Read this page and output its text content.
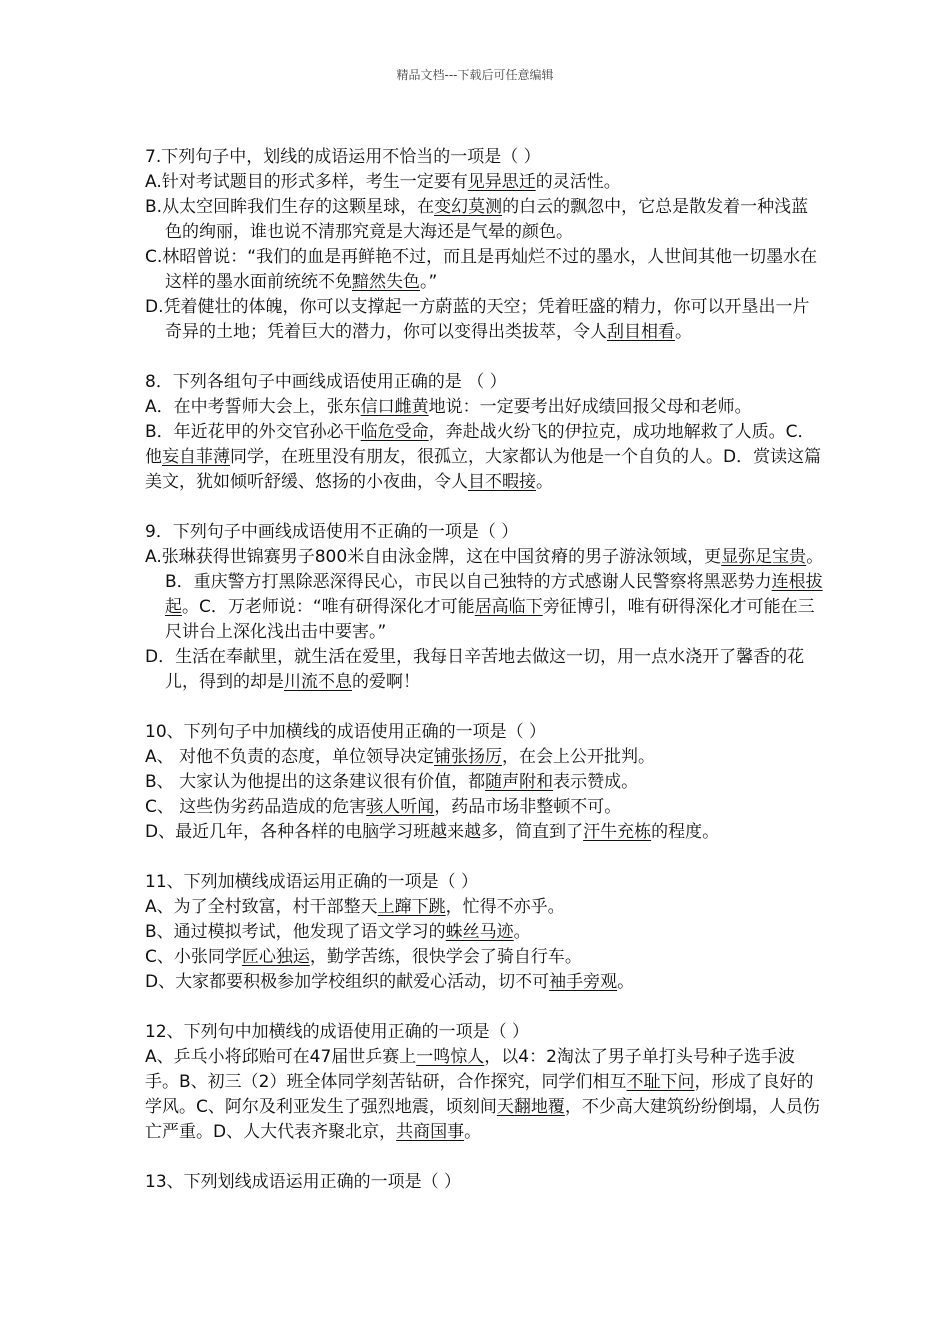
精品文档---下载后可任意编辑
7.下列句子中，划线的成语运用不恰当的一项是（ ）
A.针对考试题目的形式多样，考生一定要有见异思迁的灵活性。
B.从太空回眸我们生存的这颗星球，在变幻莫测的白云的飘忽中，它总是散发着一种浅蓝色的绚丽，谁也说不清那究竟是大海还是气晕的颜色。
C.林昭曾说：“我们的血是再鲜艳不过，而且是再灿烂不过的墨水，人世间其他一切墨水在这样的墨水面前统统不免黯然失色。”
D.凭着健壮的体魄，你可以支撑起一方蔚蓝的天空；凭着旺盛的精力，你可以开垦出一片奇异的土地；凭着巨大的潜力，你可以变得出类拔萃，令人刮目相看。
8．下列各组句子中画线成语使用正确的是 （ ）
A．在中考誓师大会上，张东信口雌黄地说：一定要考出好成绩回报父母和老师。
B．年近花甲的外交官孙必干临危受命，奔赴战火纷飞的伊拉克，成功地解救了人质。C．他妄自菲薄同学，在班里没有朋友，很孤立，大家都认为他是一个自负的人。D．赏读这篇美文，犹如倾听舒缓、悠扬的小夜曲，令人目不暇接。
9．下列句子中画线成语使用不正确的一项是（ ）
A.张琳获得世锦赛男子800米自由泳金牌，这在中国贫瘠的男子游泳领域，更显弥足宝贵。B．重庆警方打黑除恶深得民心，市民以自己独特的方式感谢人民警察将黑恶势力连根拔起。C．万老师说：“唯有研得深化才可能居高临下旁征博引，唯有研得深化才可能在三尺讲台上深化浅出击中要害。”
D．生活在奉献里，就生活在爱里，我每日辛苦地去做这一切，用一点水浇开了馨香的花儿，得到的却是川流不息的爱啊！
10、下列句子中加横线的成语使用正确的一项是（ ）
A、 对他不负责的态度，单位领导决定铺张扬厉，在会上公开批判。
B、 大家认为他提出的这条建议很有价值，都随声附和表示赞成。
C、 这些伪劣药品造成的危害骇人听闻，药品市场非整顿不可。
D、最近几年，各种各样的电脑学习班越来越多，简直到了汗牛充栋的程度。
11、下列加横线成语运用正确的一项是（ ）
A、为了全村致富，村干部整天上蹿下跳，忙得不亦乎。
B、通过模拟考试，他发现了语文学习的蛛丝马迹。
C、小张同学匠心独运，勤学苦练，很快学会了骑自行车。
D、大家都要积极参加学校组织的献爱心活动，切不可袖手旁观。
12、下列句中加横线的成语使用正确的一项是（ ）
A、乒乓小将邱贻可在47届世乒赛上一鸣惊人，以4：2淘汰了男子单打头号种子选手波手。B、初三（2）班全体同学刻苦钻研，合作探究，同学们相互不耻下问，形成了良好的学风。C、阿尔及利亚发生了强烈地震，顷刻间天翻地覆，不少高大建筑纷纷倒塌，人员伤亡严重。D、人大代表齐聚北京，共商国事。
13、下列划线成语运用正确的一项是（ ）
